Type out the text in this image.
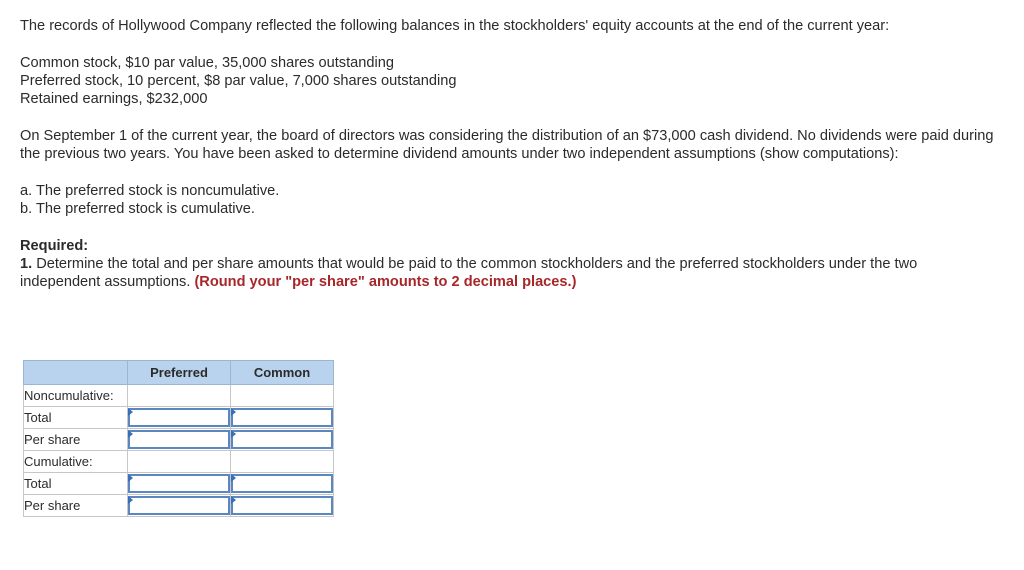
The records of Hollywood Company reflected the following balances in the stockholders' equity accounts at the end of the current year:

Common stock, $10 par value, 35,000 shares outstanding

Preferred stock, 10 percent, $8 par value, 7,000 shares outstanding

Retained earnings, $232,000

On September 1 of the current year, the board of directors was considering the distribution of an $73,000 cash dividend. No dividends were paid during the previous two years. You have been asked to determine dividend amounts under two independent assumptions (show computations):

a. The preferred stock is noncumulative.

b. The preferred stock is cumulative.

Required:

1. Determine the total and per share amounts that would be paid to the common stockholders and the preferred stockholders under the two independent assumptions. (Round your "per share" amounts to 2 decimal places.)

	Preferred	Common
Noncumulative:		
Total	

Per share	

Cumulative:		
Total	

Per share	
